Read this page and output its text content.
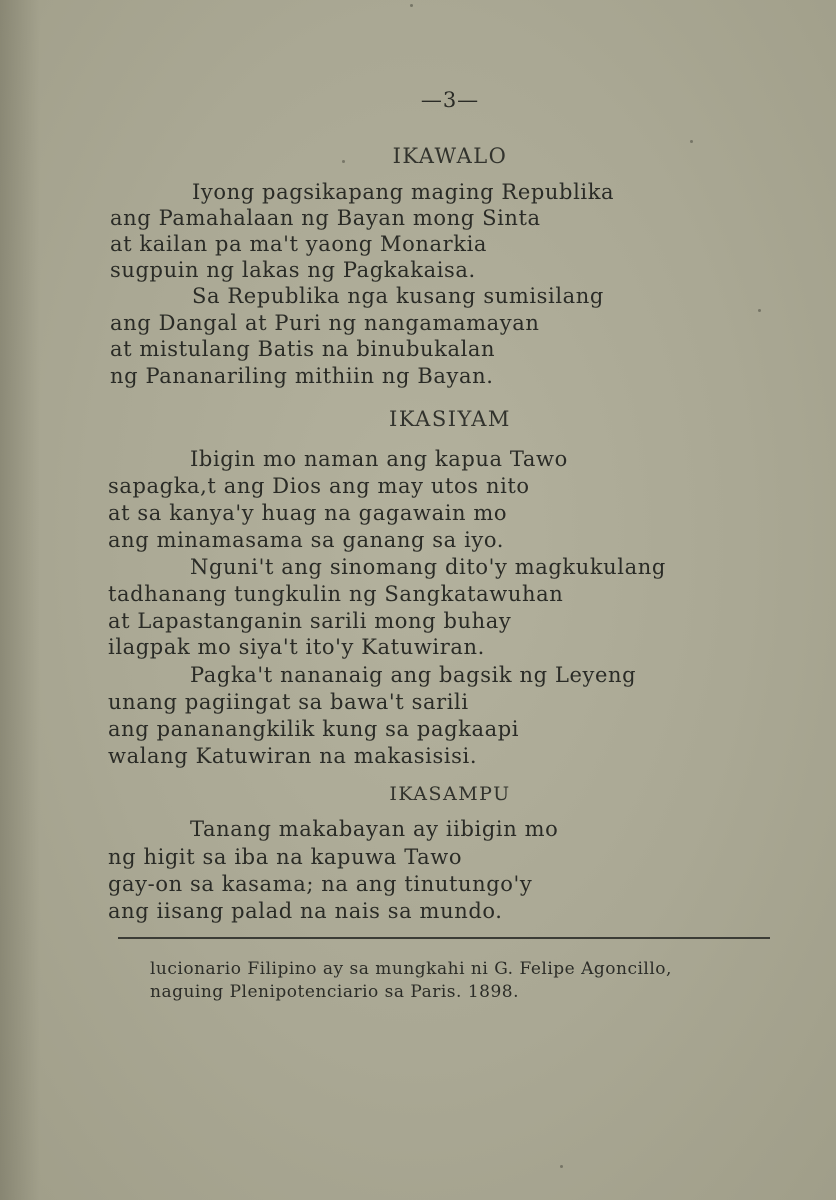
—3—
IKAWALO
Iyong pagsikapang maging Republika
ang Pamahalaan ng Bayan mong Sinta
at kailan pa ma't yaong Monarkia
sugpuin ng lakas ng Pagkakaisa.
Sa Republika nga kusang sumisilang
ang Dangal at Puri ng nangamamayan
at mistulang Batis na binubukalan
ng Pananariling mithiin ng Bayan.
IKASIYAM
Ibigin mo naman ang kapua Tawo
sapagka,t ang Dios ang may utos nito
at sa kanya'y huag na gagawain mo
ang minamasama sa ganang sa iyo.
Nguni't ang sinomang dito'y magkukulang
tadhanang tungkulin ng Sangkatawuhan
at Lapastanganin sarili mong buhay
ilagpak mo siya't ito'y Katuwiran.
Pagka't nananaig ang bagsik ng Leyeng
unang pagiingat sa bawa't sarili
ang pananangkilik kung sa pagkaapi
walang Katuwiran na makasisisi.
IKASAMPU
Tanang makabayan ay iibigin mo
ng higit sa iba na kapuwa Tawo
gay-on sa kasama; na ang tinutungo'y
ang iisang palad na nais sa mundo.
lucionario Filipino ay sa mungkahi ni G. Felipe Agoncillo,
naguing Plenipotenciario sa Paris. 1898.
